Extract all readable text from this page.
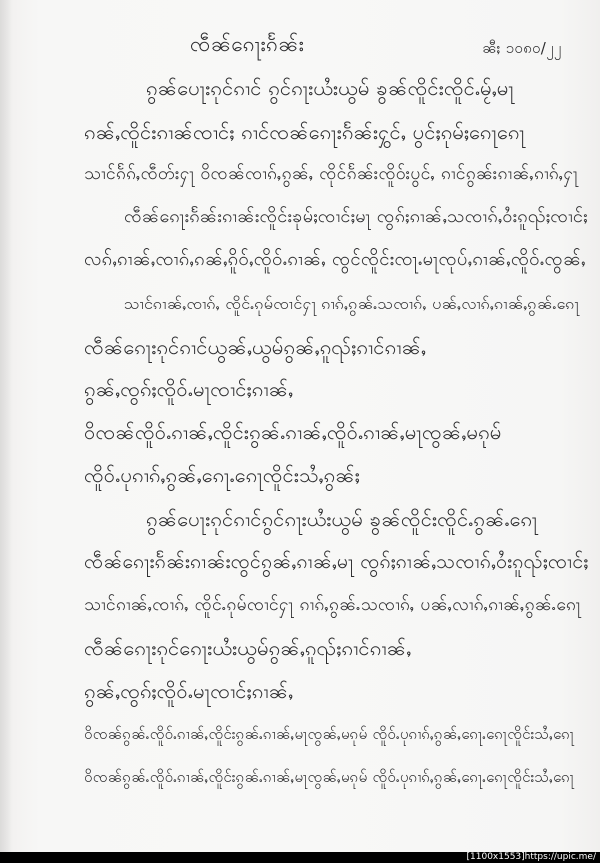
ၸဵၼ်ၵေႃးၵႅၼ်း	ၼီႈ ၁၀၈၀/၂၂
ၵွၼ်ပေႃးၵုင်ၵၢင် ၵွင်ၵႃးယႆးယွမ် ၶွၼ်ၸိူင်းၸိူင်ႉမႂ်ႇမႃ
ၵၼ်ႇၸိူင်းၵၢၼ်ၸၢင်ႈ ၵၢင်ၸၼ်ၵေႃးၵႅၼ်းႁွင်ႇ ပွင်ႈၵုမ်ႈၵေႃၵေႃ
သၢင်ၵႅၵ်ႇၸဵတ်းႁႃ ဝိၸၼ်ၸၢၵ်ႇၵွၼ်ႇ ၸိုင်ၵႅၼ်းၸိူဝ်းပွင်ႇ ၵၢင်ၵွၼ်းၵၢၼ်ႇၵၢၵ်ႇႁႃ
ၸဵၼ်ၵေႃးၵႅၼ်းၵၢၼ်းၸိူင်းၶုမ်ႈၸၢင်ႈမႃ ၸွၵ်ႈၵၢၼ်ႇသၸၢၵ်ႇဝႆးၵူၺ်ႈၸၢင်ႈ
လၵ်ႇၵၢၼ်ႇၸၢၵ်ႇၵၼ်ႇၵိူဝ်ႇၸိူဝ်ႉၵၢၼ်ႇ ၸွင်ၸိူင်းၸႃႉမႃၸုပ်ႇၵၢၼ်ႇၸိူဝ်ႉၸွၼ်ႇ
သၢင်ၵၢၼ်ႇၸၢၵ်ႇ ၸိူင်ႉၵုမ်ၸၢင်ႁႃ ၵၢၵ်ႇၵွၼ်ႉသၸၢၵ်ႇ ပၼ်ႇလၢၵ်ႇၵၢၼ်ႇၵွၼ်ႉၵေႃ
ၸဵၼ်ၵေႃးၵုင်ၵၢင်ယွၼ်ႇယွမ်ၵွၼ်ႇၵူၺ်ႈၵၢင်ၵၢၼ်ႇ
ၵွၼ်ႇၸွၵ်ႈၸိူဝ်ႉမႃၸၢင်ႈၵၢၼ်ႇ
ဝိၸၼ်ၸိူဝ်ႉၵၢၼ်ႇၸိူင်းၵွၼ်ႉၵၢၼ်ႇၸိူဝ်ႉၵၢၼ်ႇမႃၸွၼ်ႇမၵုမ်
ၸိူဝ်ႉပုၵၢၵ်ႇၵွၼ်ႇၵေႃႉၵေႃၸိူင်းသႆႇၵွၼ်ႈ
ၵွၼ်ပေႃးၵုင်ၵၢင်ၵွင်ၵႃးယႆးယွမ် ၶွၼ်ၸိူင်းၸိူင်ႉၵွၼ်ႉၵေႃ
ၸဵၼ်ၵေႃးၵႅၼ်းၵၢၼ်းၸွင်ၵွၼ်ႇၵၢၼ်ႇမႃ ၸွၵ်ႈၵၢၼ်ႇသၸၢၵ်ႇဝႆးၵူၺ်ႈၸၢင်ႈ
သၢင်ၵၢၼ်ႇၸၢၵ်ႇ ၸိူင်ႉၵုမ်ၸၢင်ႁႃ ၵၢၵ်ႇၵွၼ်ႉသၸၢၵ်ႇ ပၼ်ႇလၢၵ်ႇၵၢၼ်ႇၵွၼ်ႉၵေႃ
ၸဵၼ်ၵေႃးၵုင်ၵေႃးယႆးယွမ်ၵွၼ်ႇၵူၺ်ႈၵၢင်ၵၢၼ်ႇ
ၵွၼ်ႇၸွၵ်ႈၸိူဝ်ႉမႃၸၢင်ႈၵၢၼ်ႇ
ဝိၸၼ်ၵွၼ်ႉၸိူဝ်ႉၵၢၼ်ႇၸိူင်းၵွၼ်ႉၵၢၼ်ႇမႃၸွၼ်ႇမၵုမ် ၸိူဝ်ႉပုၵၢၵ်ႇၵွၼ်ႇၵေႃႉၵေႃၸိူင်းသႆႇၵေႃ
ဝိၸၼ်ၵွၼ်ႉၸိူဝ်ႉၵၢၼ်ႇၸိူင်းၵွၼ်ႉၵၢၼ်ႇမႃၸွၼ်ႇမၵုမ် ၸိူဝ်ႉပုၵၢၵ်ႇၵွၼ်ႇၵေႃႉၵေႃၸိူင်းသႆႇၵေႃ
[1100x1553]https://upic.me/
